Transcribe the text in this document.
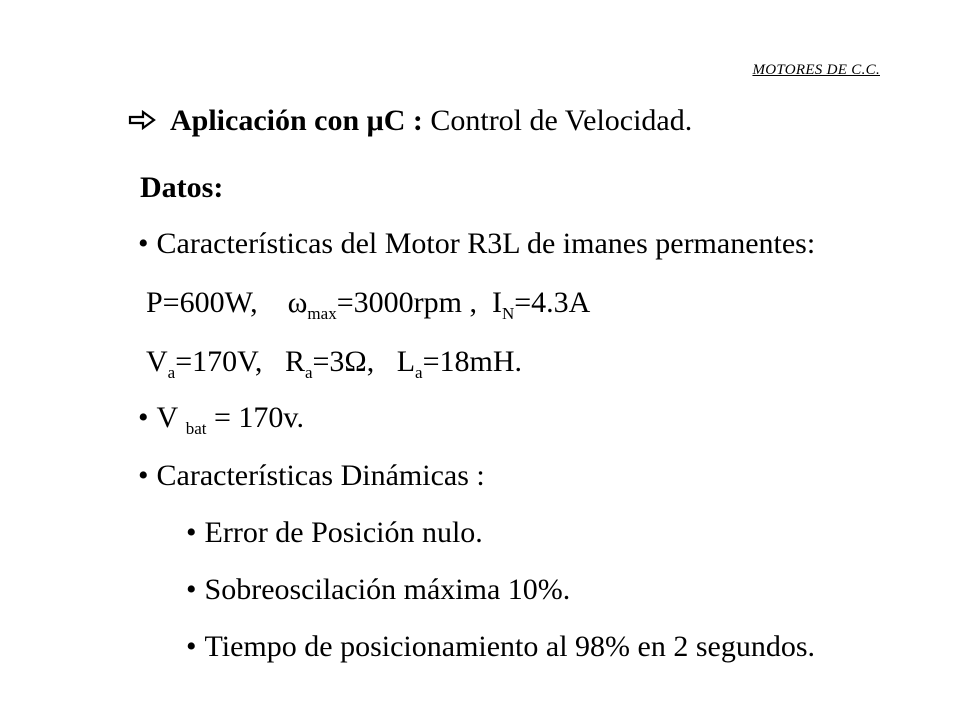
MOTORES DE C.C.
Aplicación con μC : Control de Velocidad.
Datos:
• Características del Motor R3L de imanes permanentes:
P=600W, $\omega_{max}=3000rpm$ , $I_N=4.3A$
$V_a=170V$, $R_a=3\Omega$, $L_a=18mH$.
• V $_{bat}$ = 170v.
• Características Dinámicas :
• Error de Posición nulo.
• Sobreoscilación máxima 10%.
• Tiempo de posicionamiento al 98% en 2 segundos.
